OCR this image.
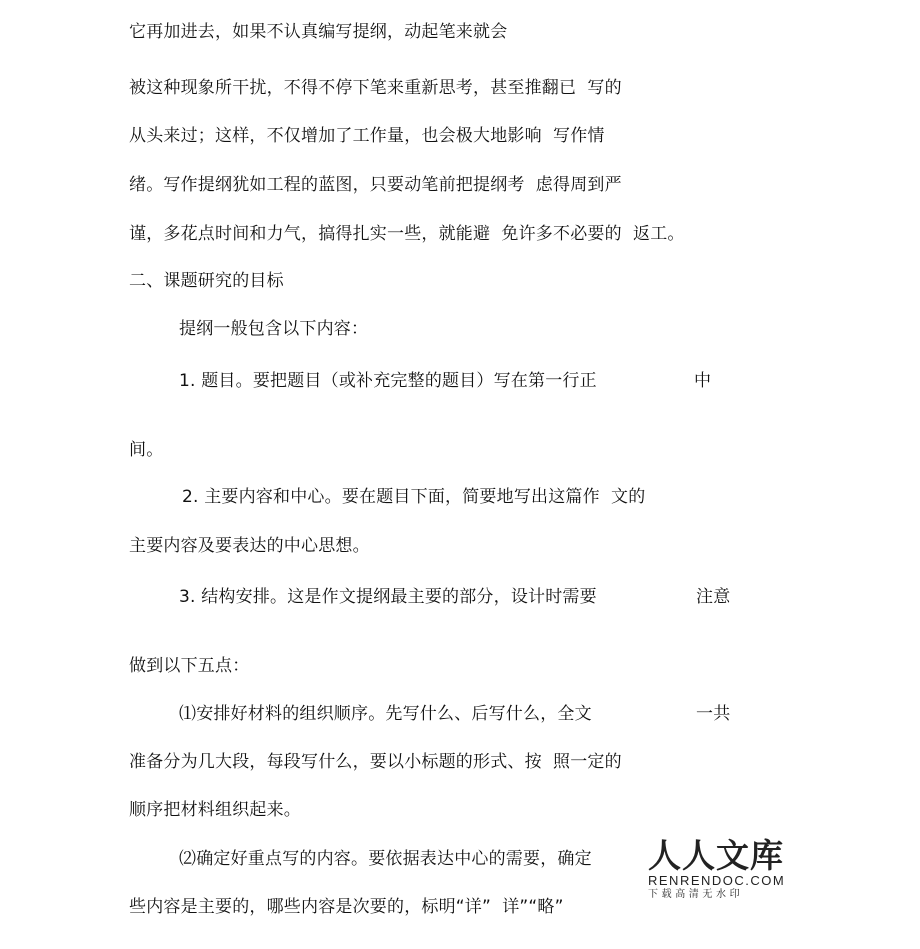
它再加进去，如果不认真编写提纲，动起笔来就会
被这种现象所干扰，不得不停下笔来重新思考，甚至推翻已  写的
从头来过；这样，不仅增加了工作量，也会极大地影响  写作情
绪。写作提纲犹如工程的蓝图，只要动笔前把提纲考  虑得周到严
谨，多花点时间和力气，搞得扎实一些，就能避  免许多不必要的  返工。
二、课题研究的目标
提纲一般包含以下内容：
1. 题目。要把题目（或补充完整的题目）写在第一行正	中
间。
2. 主要内容和中心。要在题目下面，简要地写出这篇作  文的
主要内容及要表达的中心思想。
3. 结构安排。这是作文提纲最主要的部分，设计时需要	注意
做到以下五点：
⑴安排好材料的组织顺序。先写什么、后写什么，全文	一共
准备分为几大段，每段写什么，要以小标题的形式、按  照一定的
顺序把材料组织起来。
⑵确定好重点写的内容。要依据表达中心的需要，确定
些内容是主要的，哪些内容是次要的，标明“详”  详”“略”
人人文库
RENRENDOC.COM
下载高清无水印
